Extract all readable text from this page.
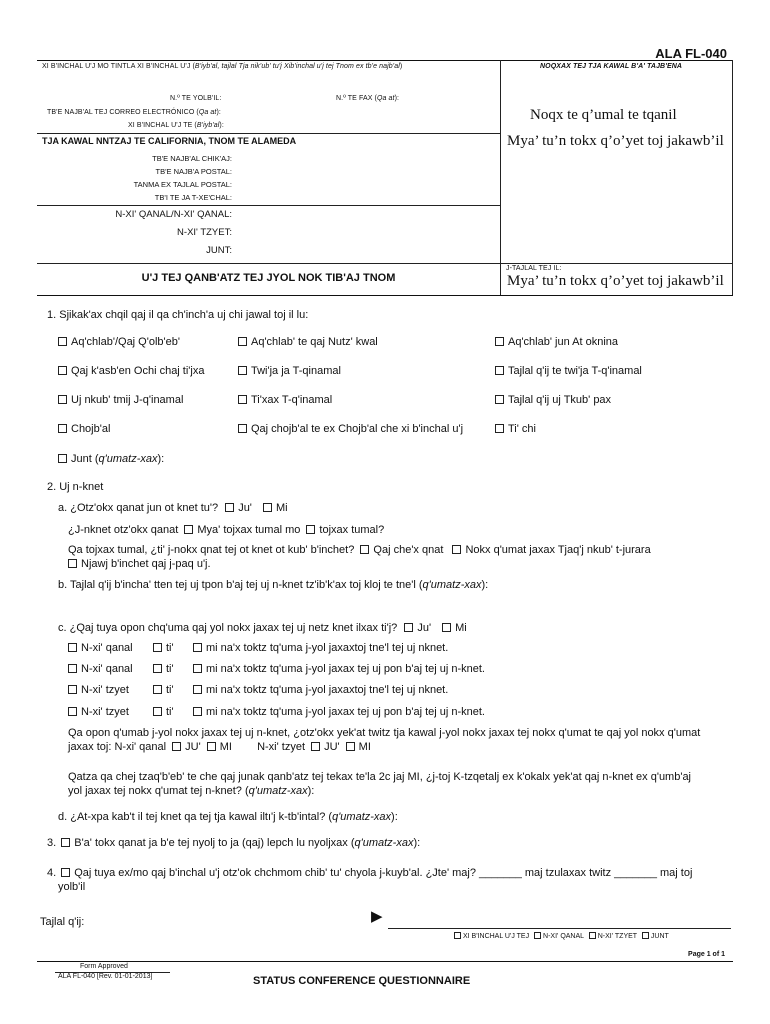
ALA FL-040
XI B'INCHAL U'J MO TINTLA XI B'INCHAL U'J (B'iyb'al, tajlal Tja nik'ub' tu'j Xib'inchal u'j tej Tnom ex tb'e najb'al)	NOQXAX TEJ TJA KAWAL B'A' TAJB'ENA
N.º TE YOLB'IL:	N.º TE FAX (Qa at):
TB'E NAJB'AL TEJ CORREO ELECTRÓNICO (Qa at):
XI B'INCHAL U'J TE (B'iyb'al):
Noqx te q’umal te tqanil
Mya’ tu’n tokx q’o’yet toj jakawb’il
TJA KAWAL NNTZAJ TE CALIFORNIA, TNOM TE ALAMEDA
TB'E NAJB'AL CHIK'AJ:
TB'E NAJB'A POSTAL:
TANMA EX TAJLAL POSTAL:
TB'I TE JA T-XE'CHAL:
N-XI' QANAL/N-XI' QANAL:
N-XI' TZYET:
JUNT:
U'J TEJ QANB'ATZ TEJ JYOL NOK TIB'AJ TNOM
J-TAJLAL TEJ IL:
Mya’ tu’n tokx q’o’yet toj jakawb’il
1. Sjikak'ax chqil qaj il qa ch'inch'a uj chi jawal toj il lu:
Aq'chlab'/Qaj Q'olb'eb'	Aq'chlab' te qaj Nutz' kwal	Aq'chlab' jun At oknina
Qaj k'asb'en Ochi chaj ti'jxa	Twi'ja ja T-qinamal	Tajlal q'ij te twi'ja T-q'inamal
Uj nkub' tmij J-q'inamal	Ti'xax T-q'inamal	Tajlal q'ij uj Tkub' pax
Chojb'al	Qaj chojb'al te ex Chojb'al che xi b'inchal u'j	Ti' chi
Junt (q'umatz-xax):
2. Uj n-knet
a. ¿Otz'okx qanat jun ot knet tu'? Ju' Mi
¿J-nknet otz'okx qanat Mya' tojxax tumal mo tojxax tumal?
Qa tojxax tumal, ¿ti' j-nokx qnat tej ot knet ot kub' b'inchet? Qaj che'x qnat Nokx q'umat jaxax Tjaq'j nkub' t-jurara
Njawj b'inchet qaj j-paq u'j.
b. Tajlal q'ij b'incha' tten tej uj tpon b'aj tej uj n-knet tz'ib'k'ax toj kloj te tne'l (q'umatz-xax):
c. ¿Qaj tuya opon chq'uma qaj yol nokx jaxax tej uj netz knet ilxax ti'j? Ju' Mi
N-xi' qanal	ti'	mi na'x toktz tq'uma j-yol jaxaxtoj tne'l tej uj nknet.
N-xi' qanal	ti'	mi na'x toktz tq'uma j-yol jaxax tej uj pon b'aj tej uj n-knet.
N-xi' tzyet	ti'	mi na'x toktz tq'uma j-yol jaxaxtoj tne'l tej uj nknet.
N-xi' tzyet	ti'	mi na'x toktz tq'uma j-yol jaxax tej uj pon b'aj tej uj n-knet.
Qa opon q'umab j-yol nokx jaxax tej uj n-knet, ¿otz'okx yek'at twitz tja kawal j-yol nokx jaxax tej nokx q'umat te qaj yol nokx q'umat
jaxax toj: N-xi' qanal JU' MI N-xi' tzyet JU' MI
Qatza qa chej tzaq'b'eb' te che qaj junak qanb'atz tej tekax te'la 2c jaj MI, ¿j-toj K-tzqetalj ex k'okalx yek'at qaj n-knet ex q'umb'aj
yol jaxax tej nokx q'umat tej n-knet? (q'umatz-xax):
d. ¿At-xpa kab't il tej knet qa tej tja kawal iltı'j k-tb'intal? (q'umatz-xax):
3. B'a' tokx qanat ja b'e tej nyolj to ja (qaj) lepch lu nyoljxax (q'umatz-xax):
4. Qaj tuya ex/mo qaj b'inchal u'j otz'ok chchmom chib' tu' chyola j-kuyb'al. ¿Jte' maj? _______ maj tzulaxax twitz _______ maj toj
yolb'il
Tajlal q'ij:	▶
XI B'INCHAL U'J TEJ N-XI' QANAL N-XI' TZYET JUNT
Page 1 of 1
Form Approved
ALA FL-040 [Rev. 01-01-2013]	STATUS CONFERENCE QUESTIONNAIRE
